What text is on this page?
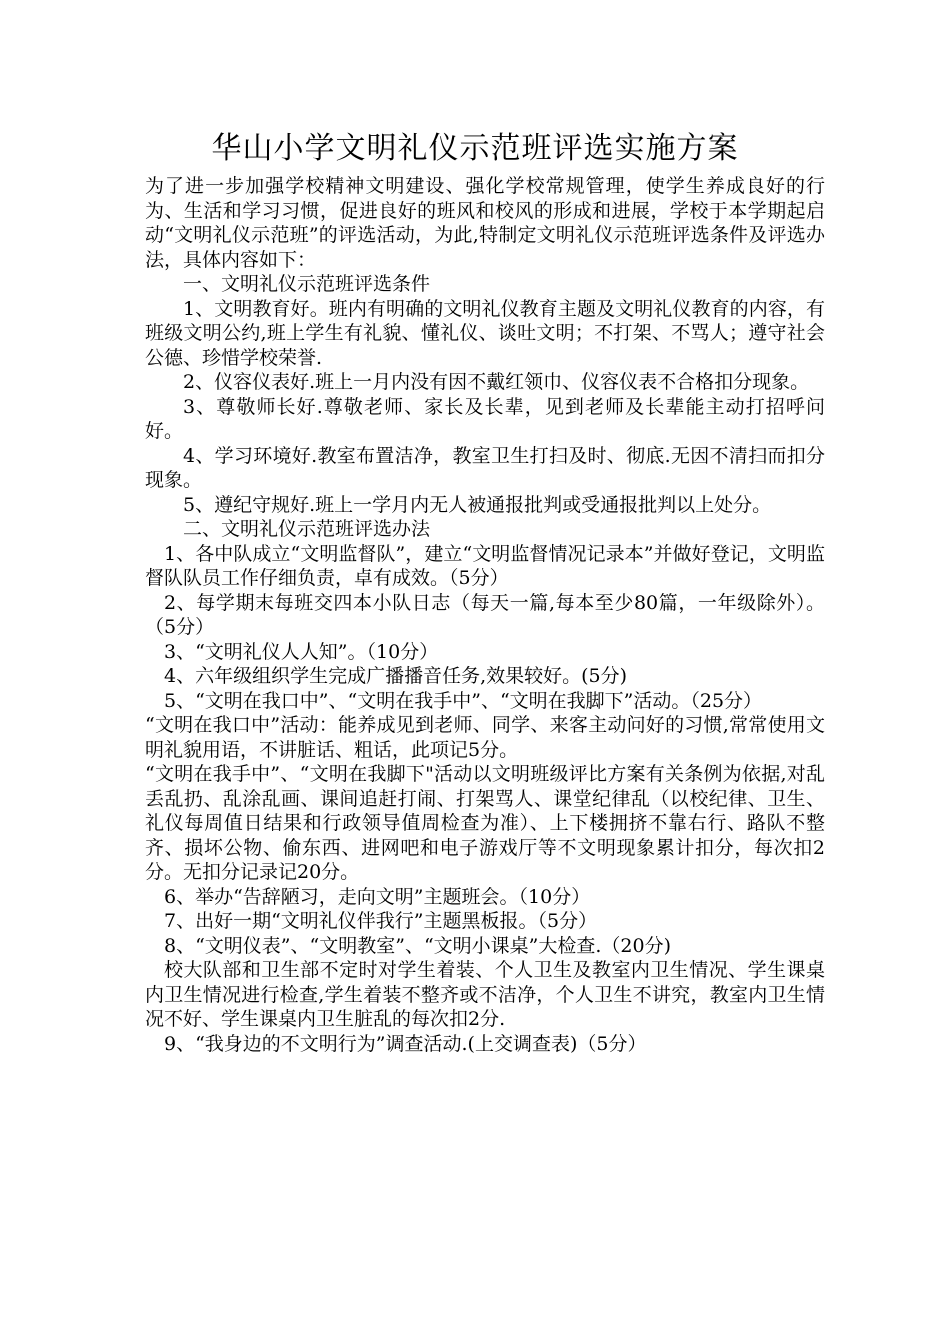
华山小学文明礼仪示范班评选实施方案

为了进一步加强学校精神文明建设、强化学校常规管理，使学生养成良好的行为、生活和学习习惯，促进良好的班风和校风的形成和进展，学校于本学期起启动“文明礼仪示范班”的评选活动，为此,特制定文明礼仪示范班评选条件及评选办法，具体内容如下：

一、文明礼仪示范班评选条件

1、文明教育好。班内有明确的文明礼仪教育主题及文明礼仪教育的内容，有班级文明公约,班上学生有礼貌、懂礼仪、谈吐文明；不打架、不骂人；遵守社会公德、珍惜学校荣誉.

2、仪容仪表好.班上一月内没有因不戴红领巾、仪容仪表不合格扣分现象。

3、尊敬师长好.尊敬老师、家长及长辈，见到老师及长辈能主动打招呼问好。

4、学习环境好.教室布置洁净，教室卫生打扫及时、彻底.无因不清扫而扣分现象。

5、遵纪守规好.班上一学月内无人被通报批判或受通报批判以上处分。

二、文明礼仪示范班评选办法

1、各中队成立“文明监督队”，建立“文明监督情况记录本”并做好登记，文明监督队队员工作仔细负责，卓有成效。（5分）

2、每学期末每班交四本小队日志（每天一篇,每本至少80篇，一年级除外）。（5分）

3、“文明礼仪人人知”。（10分）

4、六年级组织学生完成广播播音任务,效果较好。(5分)

5、“文明在我口中”、“文明在我手中”、“文明在我脚下”活动。（25分）

“文明在我口中”活动：能养成见到老师、同学、来客主动问好的习惯,常常使用文明礼貌用语，不讲脏话、粗话，此项记5分。

“文明在我手中”、“文明在我脚下"活动以文明班级评比方案有关条例为依据,对乱丢乱扔、乱涂乱画、课间追赶打闹、打架骂人、课堂纪律乱（以校纪律、卫生、礼仪每周值日结果和行政领导值周检查为准）、上下楼拥挤不靠右行、路队不整齐、损坏公物、偷东西、进网吧和电子游戏厅等不文明现象累计扣分，每次扣2分。无扣分记录记20分。

6、举办“告辞陋习，走向文明”主题班会。（10分）

7、出好一期“文明礼仪伴我行”主题黑板报。（5分）

8、“文明仪表”、“文明教室”、“文明小课桌”大检查.（20分)

校大队部和卫生部不定时对学生着装、个人卫生及教室内卫生情况、学生课桌内卫生情况进行检查,学生着装不整齐或不洁净，个人卫生不讲究，教室内卫生情况不好、学生课桌内卫生脏乱的每次扣2分.

9、“我身边的不文明行为”调查活动.(上交调查表)（5分）
